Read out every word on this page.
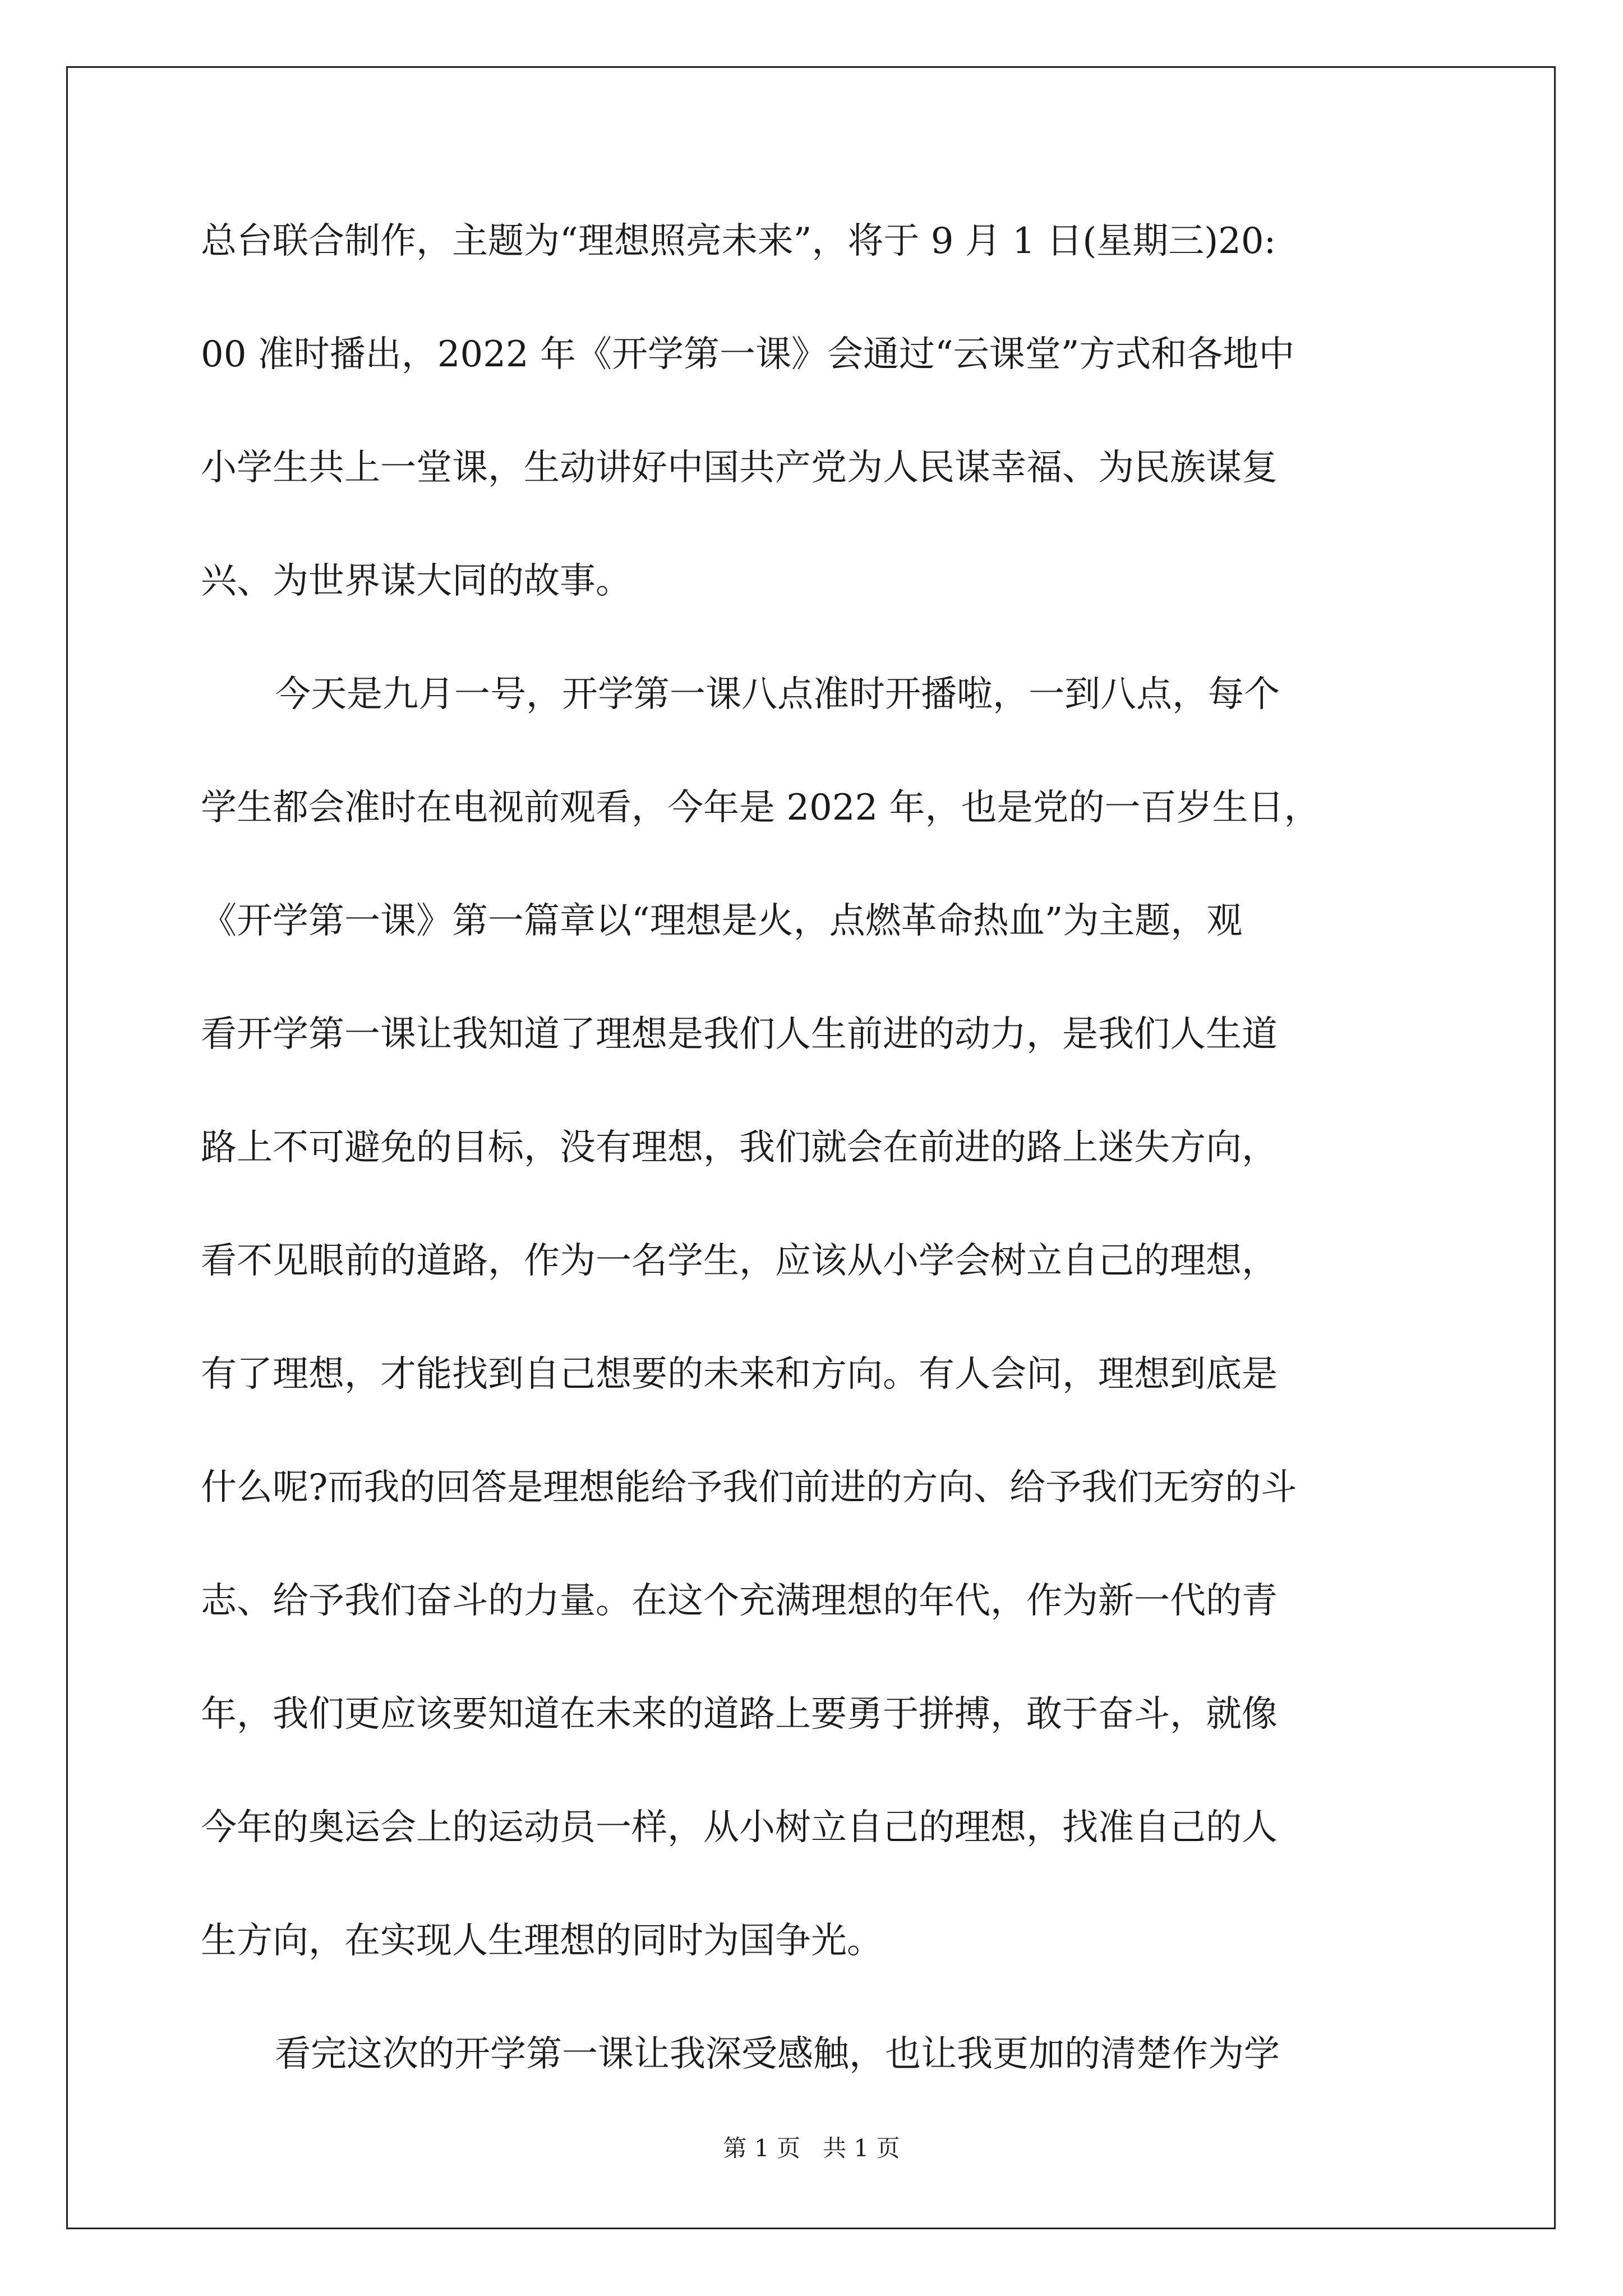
总台联合制作，主题为“理想照亮未来”，将于 9 月 1 日(星期三)20:

00 准时播出，2022 年《开学第一课》会通过“云课堂”方式和各地中

小学生共上一堂课，生动讲好中国共产党为人民谋幸福、为民族谋复

兴、为世界谋大同的故事。

今天是九月一号，开学第一课八点准时开播啦，一到八点，每个

学生都会准时在电视前观看，今年是 2022 年，也是党的一百岁生日，

《开学第一课》第一篇章以“理想是火，点燃革命热血”为主题，观

看开学第一课让我知道了理想是我们人生前进的动力，是我们人生道

路上不可避免的目标，没有理想，我们就会在前进的路上迷失方向，

看不见眼前的道路，作为一名学生，应该从小学会树立自己的理想，

有了理想，才能找到自己想要的未来和方向。有人会问，理想到底是

什么呢?而我的回答是理想能给予我们前进的方向、给予我们无穷的斗

志、给予我们奋斗的力量。在这个充满理想的年代，作为新一代的青

年，我们更应该要知道在未来的道路上要勇于拼搏，敢于奋斗，就像

今年的奥运会上的运动员一样，从小树立自己的理想，找准自己的人

生方向，在实现人生理想的同时为国争光。

看完这次的开学第一课让我深受感触，也让我更加的清楚作为学

第 1 页   共 1 页
